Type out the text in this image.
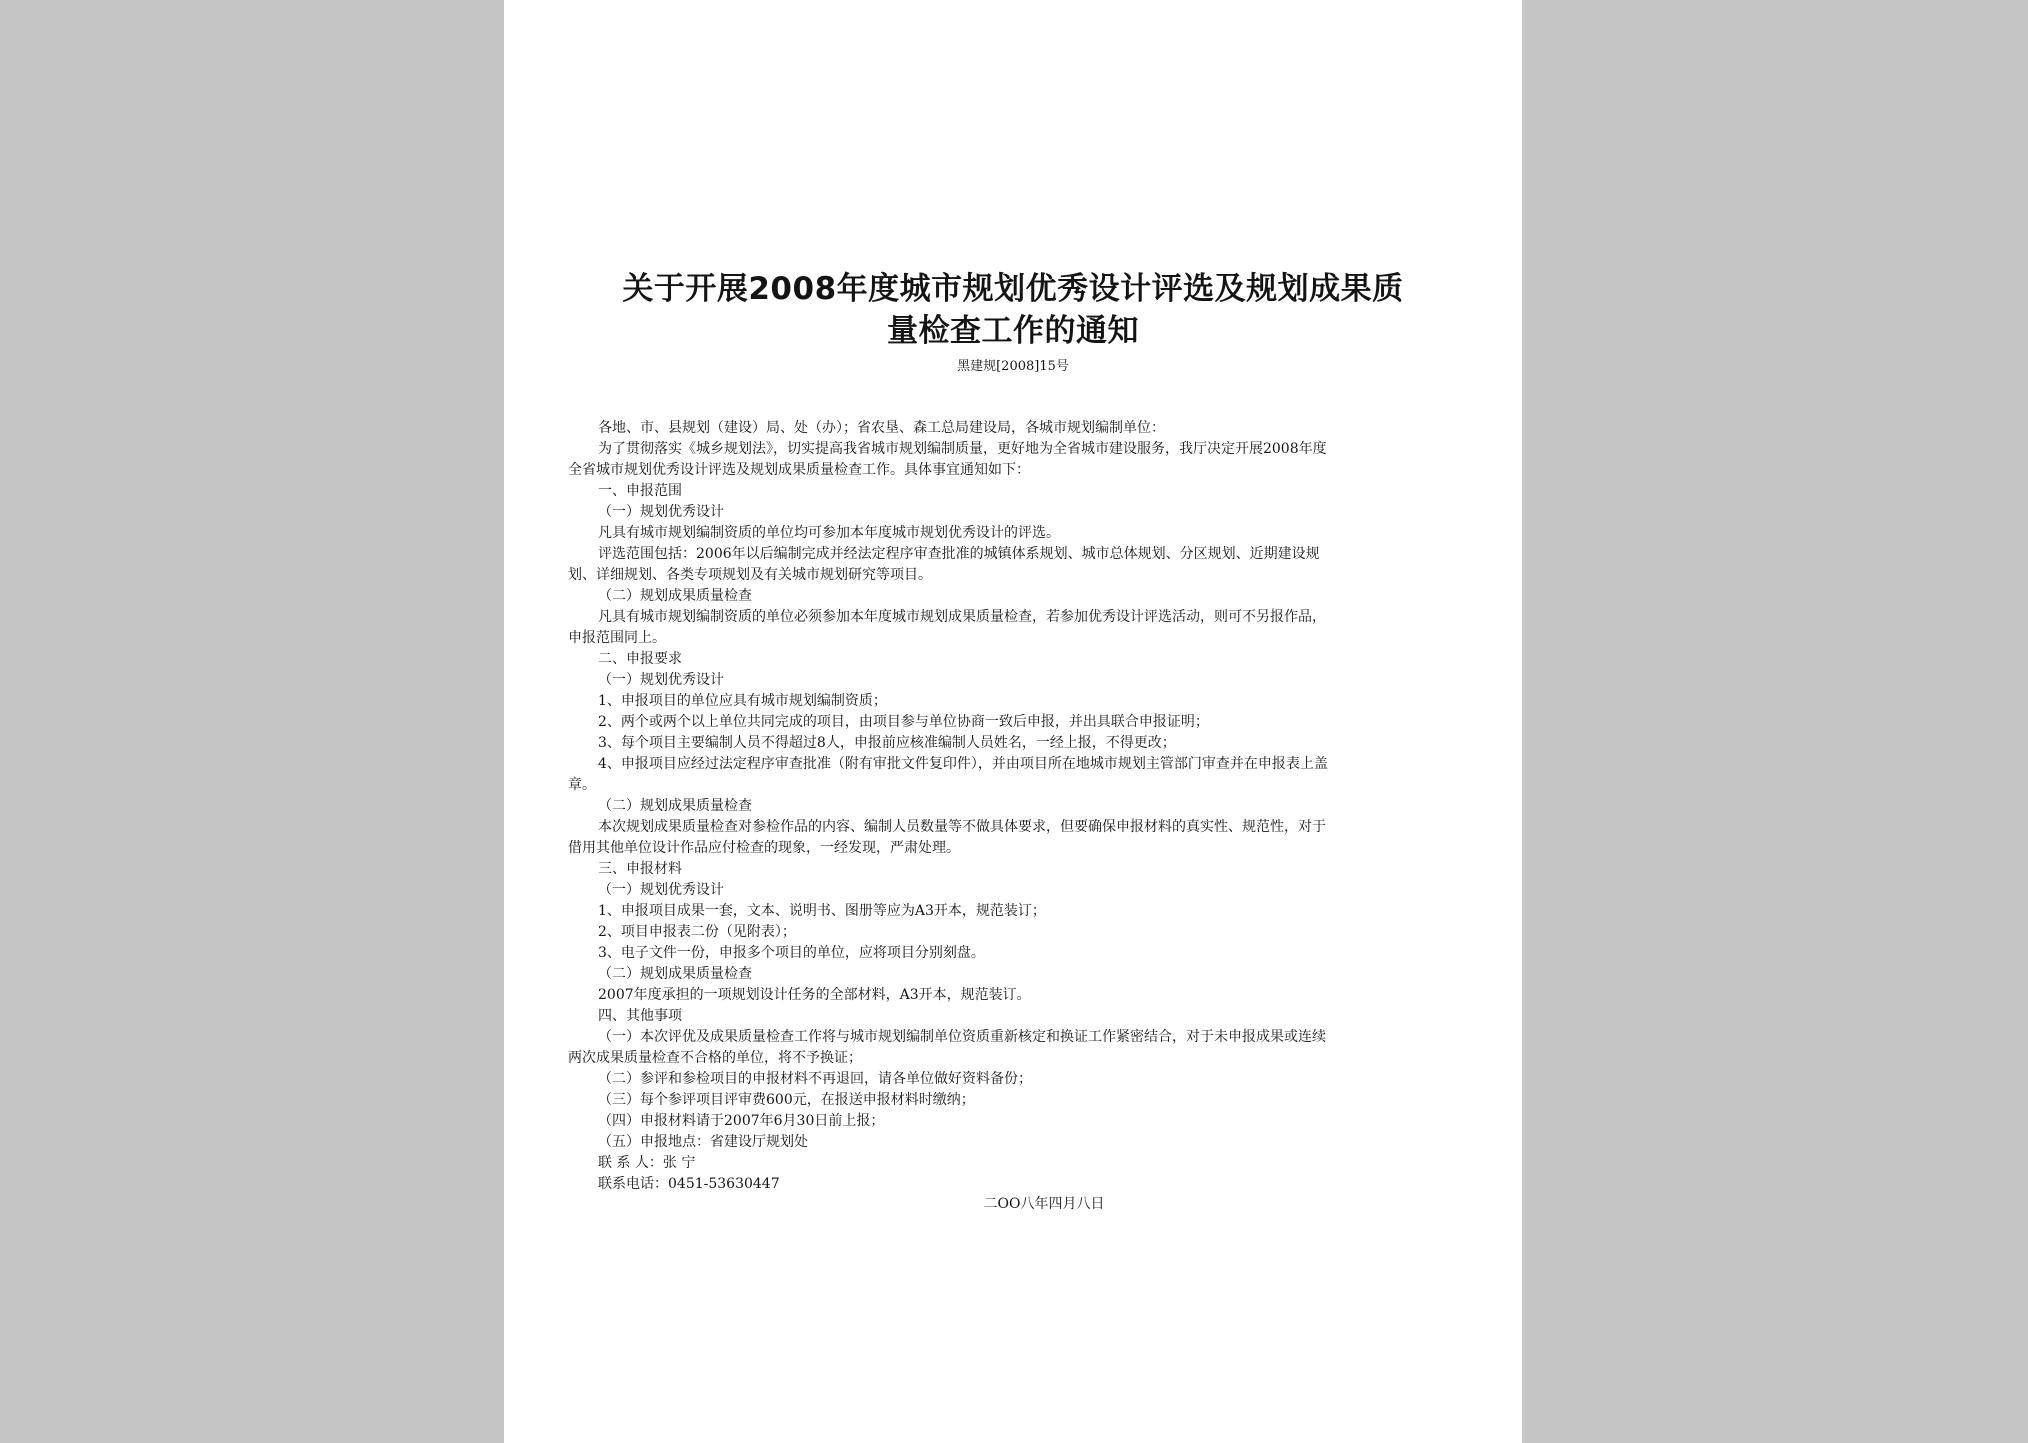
关于开展2008年度城市规划优秀设计评选及规划成果质
量检查工作的通知
黑建规[2008]15号
各地、市、县规划（建设）局、处（办）；省农垦、森工总局建设局，各城市规划编制单位：
为了贯彻落实《城乡规划法》，切实提高我省城市规划编制质量，更好地为全省城市建设服务，我厅决定开展2008年度
全省城市规划优秀设计评选及规划成果质量检查工作。具体事宜通知如下：
一、申报范围
（一）规划优秀设计
凡具有城市规划编制资质的单位均可参加本年度城市规划优秀设计的评选。
评选范围包括：2006年以后编制完成并经法定程序审查批准的城镇体系规划、城市总体规划、分区规划、近期建设规
划、详细规划、各类专项规划及有关城市规划研究等项目。
（二）规划成果质量检查
凡具有城市规划编制资质的单位必须参加本年度城市规划成果质量检查，若参加优秀设计评选活动，则可不另报作品，
申报范围同上。
二、申报要求
（一）规划优秀设计
1、申报项目的单位应具有城市规划编制资质；
2、两个或两个以上单位共同完成的项目，由项目参与单位协商一致后申报，并出具联合申报证明；
3、每个项目主要编制人员不得超过8人，申报前应核准编制人员姓名，一经上报，不得更改；
4、申报项目应经过法定程序审查批准（附有审批文件复印件），并由项目所在地城市规划主管部门审查并在申报表上盖
章。
（二）规划成果质量检查
本次规划成果质量检查对参检作品的内容、编制人员数量等不做具体要求，但要确保申报材料的真实性、规范性，对于
借用其他单位设计作品应付检查的现象，一经发现，严肃处理。
三、申报材料
（一）规划优秀设计
1、申报项目成果一套，文本、说明书、图册等应为A3开本，规范装订；
2、项目申报表二份（见附表）；
3、电子文件一份，申报多个项目的单位，应将项目分别刻盘。
（二）规划成果质量检查
2007年度承担的一项规划设计任务的全部材料，A3开本，规范装订。
四、其他事项
（一）本次评优及成果质量检查工作将与城市规划编制单位资质重新核定和换证工作紧密结合，对于未申报成果或连续
两次成果质量检查不合格的单位，将不予换证；
（二）参评和参检项目的申报材料不再退回，请各单位做好资料备份；
（三）每个参评项目评审费600元，在报送申报材料时缴纳；
（四）申报材料请于2007年6月30日前上报；
（五）申报地点：省建设厅规划处
联 系 人：张 宁
联系电话：0451-53630447
二OO八年四月八日
